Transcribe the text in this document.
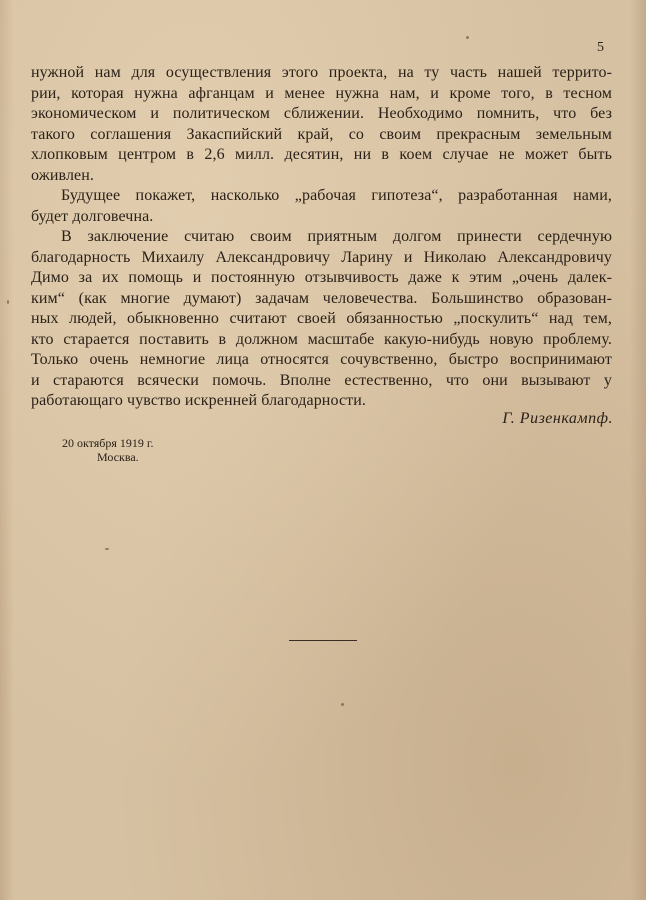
5

нужной нам для осуществления этого проекта, на ту часть нашей террито-
рии, которая нужна афганцам и менее нужна нам, и кроме того, в тесном
экономическом и политическом сближении. Необходимо помнить, что без
такого соглашения Закаспийский край, со своим прекрасным земельным
хлопковым центром в 2,6 милл. десятин, ни в коем случае не может быть
оживлен.

Будущее покажет, насколько „рабочая гипотеза“, разработанная нами,
будет долговечна.

В заключение считаю своим приятным долгом принести сердечную
благодарность Михаилу Александровичу Ларину и Николаю Александровичу
Димо за их помощь и постоянную отзывчивость даже к этим „очень далек-
ким“ (как многие думают) задачам человечества. Большинство образован-
ных людей, обыкновенно считают своей обязанностью „поскулить“ над тем,
кто старается поставить в должном масштабе какую-нибудь новую проблему.
Только очень немногие лица относятся сочувственно, быстро воспринимают
и стараются всячески помочь. Вполне естественно, что они вызывают у
работающаго чувство искренней благодарности.

Г. Ризенкампф.
20 октября 1919 г.
Москва.
